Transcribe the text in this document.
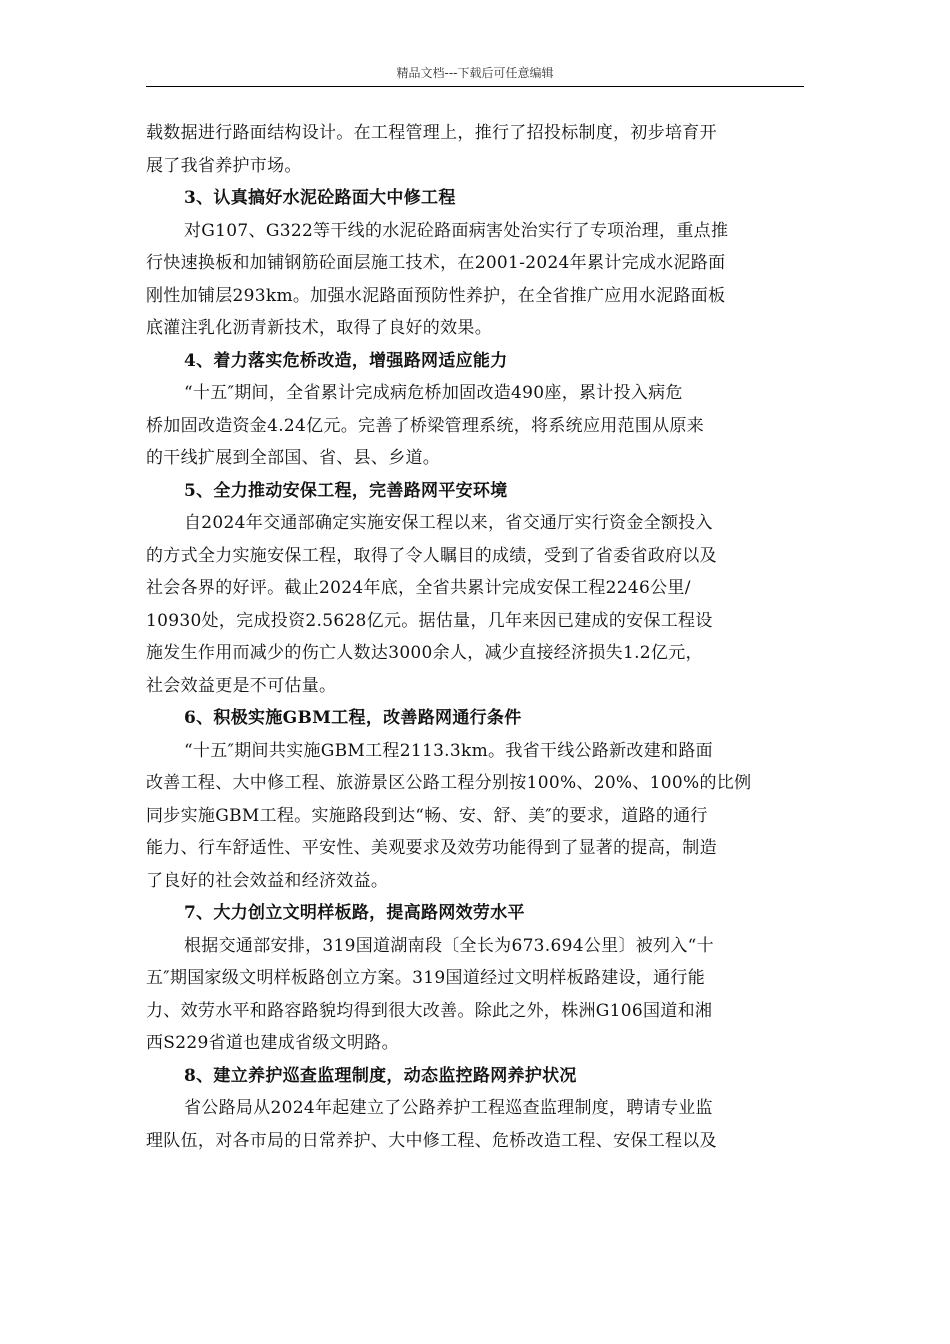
精品文档---下载后可任意编辑
载数据进行路面结构设计。在工程管理上，推行了招投标制度，初步培育开
展了我省养护市场。
3、认真搞好水泥砼路面大中修工程
对G107、G322等干线的水泥砼路面病害处治实行了专项治理，重点推
行快速换板和加铺钢筋砼面层施工技术，在2001-2024年累计完成水泥路面
刚性加铺层293km。加强水泥路面预防性养护，在全省推广应用水泥路面板
底灌注乳化沥青新技术，取得了良好的效果。
4、着力落实危桥改造，增强路网适应能力
“十五″期间，全省累计完成病危桥加固改造490座，累计投入病危
桥加固改造资金4.24亿元。完善了桥梁管理系统，将系统应用范围从原来
的干线扩展到全部国、省、县、乡道。
5、全力推动安保工程，完善路网平安环境
自2024年交通部确定实施安保工程以来，省交通厅实行资金全额投入
的方式全力实施安保工程，取得了令人瞩目的成绩，受到了省委省政府以及
社会各界的好评。截止2024年底，全省共累计完成安保工程2246公里/
10930处，完成投资2.5628亿元。据估量，几年来因已建成的安保工程设
施发生作用而减少的伤亡人数达3000余人，减少直接经济损失1.2亿元，
社会效益更是不可估量。
6、积极实施GBM工程，改善路网通行条件
“十五″期间共实施GBM工程2113.3km。我省干线公路新改建和路面
改善工程、大中修工程、旅游景区公路工程分别按100%、20%、100%的比例
同步实施GBM工程。实施路段到达“畅、安、舒、美″的要求，道路的通行
能力、行车舒适性、平安性、美观要求及效劳功能得到了显著的提高，制造
了良好的社会效益和经济效益。
7、大力创立文明样板路，提高路网效劳水平
根据交通部安排，319国道湖南段〔全长为673.694公里〕被列入“十
五″期国家级文明样板路创立方案。319国道经过文明样板路建设，通行能
力、效劳水平和路容路貌均得到很大改善。除此之外，株洲G106国道和湘
西S229省道也建成省级文明路。
8、建立养护巡查监理制度，动态监控路网养护状况
省公路局从2024年起建立了公路养护工程巡查监理制度，聘请专业监
理队伍，对各市局的日常养护、大中修工程、危桥改造工程、安保工程以及
